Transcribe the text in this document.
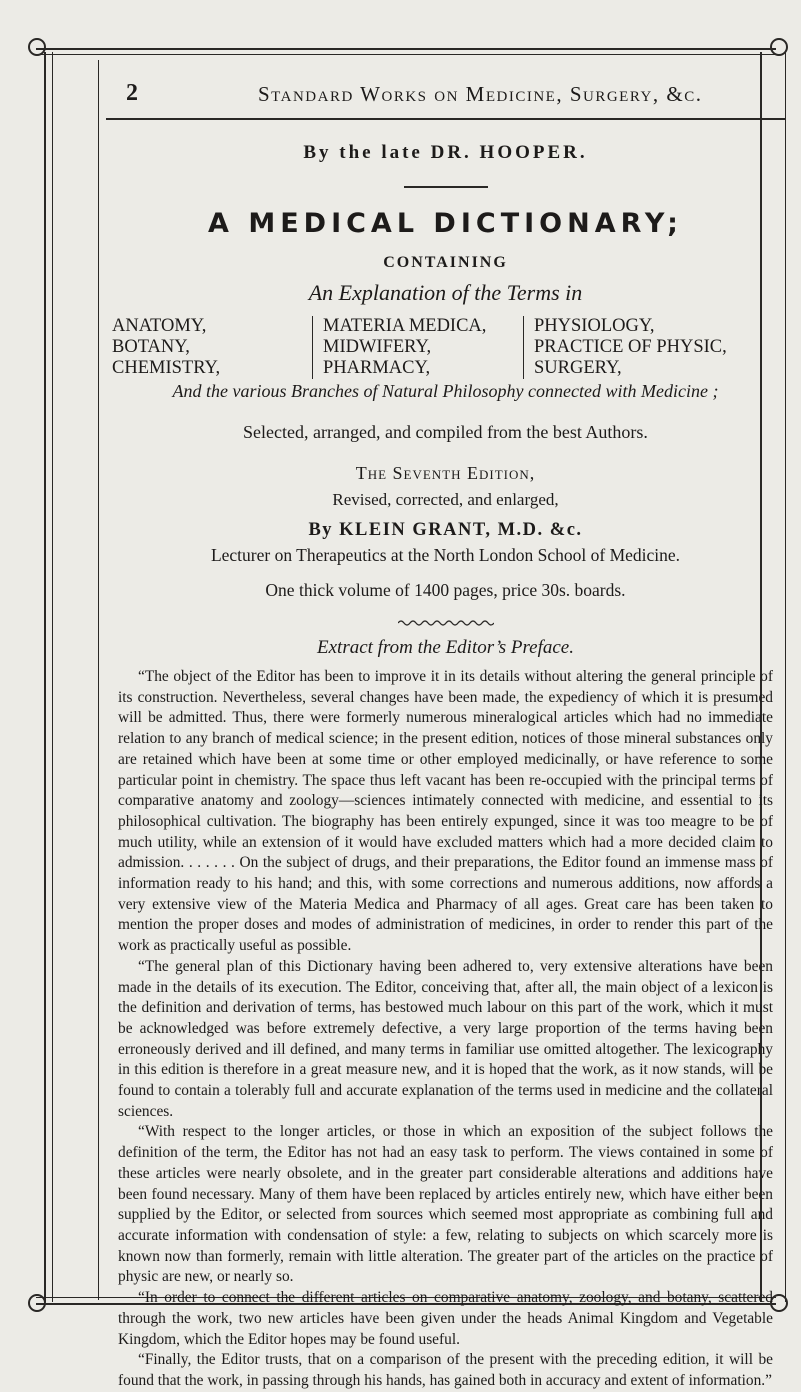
2	Standard Works on Medicine, Surgery, &c.
By the late DR. HOOPER.
A MEDICAL DICTIONARY;
CONTAINING
An Explanation of the Terms in
ANATOMY,
BOTANY,
CHEMISTRY,
MATERIA MEDICA,
MIDWIFERY,
PHARMACY,
PHYSIOLOGY,
PRACTICE OF PHYSIC,
SURGERY,
And the various Branches of Natural Philosophy connected with Medicine ;
Selected, arranged, and compiled from the best Authors.
The Seventh Edition,
Revised, corrected, and enlarged,
By KLEIN GRANT, M.D. &c.
Lecturer on Therapeutics at the North London School of Medicine.
One thick volume of 1400 pages, price 30s. boards.
Extract from the Editor’s Preface.

“The object of the Editor has been to improve it in its details without altering the general principle of its construction. Nevertheless, several changes have been made, the expediency of which it is presumed will be admitted. Thus, there were formerly numerous mineralogical articles which had no immediate relation to any branch of medical science; in the present edition, notices of those mineral substances only are retained which have been at some time or other employed medicinally, or have reference to some particular point in chemistry. The space thus left vacant has been re-occupied with the principal terms of comparative anatomy and zoology—sciences intimately connected with medicine, and essential to its philosophical cultivation. The biography has been entirely expunged, since it was too meagre to be of much utility, while an extension of it would have excluded matters which had a more decided claim to admission. . . . . . . On the subject of drugs, and their preparations, the Editor found an immense mass of information ready to his hand; and this, with some corrections and numerous additions, now affords a very extensive view of the Materia Medica and Pharmacy of all ages. Great care has been taken to mention the proper doses and modes of administration of medicines, in order to render this part of the work as practically useful as possible.

“The general plan of this Dictionary having been adhered to, very extensive alterations have been made in the details of its execution. The Editor, conceiving that, after all, the main object of a lexicon is the definition and derivation of terms, has bestowed much labour on this part of the work, which it must be acknowledged was before extremely defective, a very large proportion of the terms having been erroneously derived and ill defined, and many terms in familiar use omitted altogether. The lexicography in this edition is therefore in a great measure new, and it is hoped that the work, as it now stands, will be found to contain a tolerably full and accurate explanation of the terms used in medicine and the collateral sciences.

“With respect to the longer articles, or those in which an exposition of the subject follows the definition of the term, the Editor has not had an easy task to perform. The views contained in some of these articles were nearly obsolete, and in the greater part considerable alterations and additions have been found necessary. Many of them have been replaced by articles entirely new, which have either been supplied by the Editor, or selected from sources which seemed most appropriate as combining full and accurate information with condensation of style: a few, relating to subjects on which scarcely more is known now than formerly, remain with little alteration. The greater part of the articles on the practice of physic are new, or nearly so.

“In order to connect the different articles on comparative anatomy, zoology, and botany, scattered through the work, two new articles have been given under the heads Animal Kingdom and Vegetable Kingdom, which the Editor hopes may be found useful.

“Finally, the Editor trusts, that on a comparison of the present with the preceding edition, it will be found that the work, in passing through his hands, has gained both in accuracy and extent of information.”
